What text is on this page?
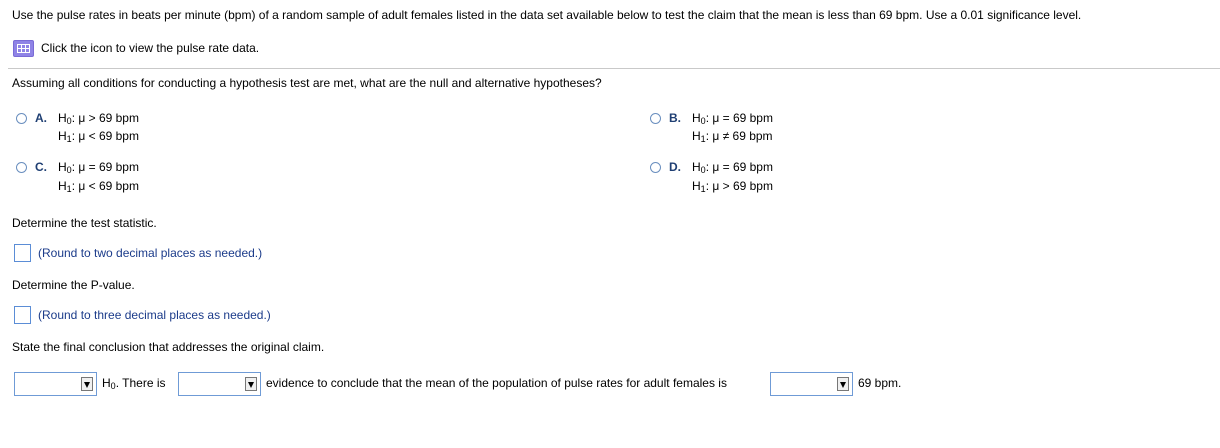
Use the pulse rates in beats per minute (bpm) of a random sample of adult females listed in the data set available below to test the claim that the mean is less than 69 bpm. Use a 0.01 significance level.
Click the icon to view the pulse rate data.
Assuming all conditions for conducting a hypothesis test are met, what are the null and alternative hypotheses?
A. $H_0$: μ > 69 bpm
$H_1$: μ < 69 bpm
B. $H_0$: μ = 69 bpm
$H_1$: μ ≠ 69 bpm
C. $H_0$: μ = 69 bpm
$H_1$: μ < 69 bpm
D. $H_0$: μ = 69 bpm
$H_1$: μ > 69 bpm
Determine the test statistic.
(Round to two decimal places as needed.)
Determine the P-value.
(Round to three decimal places as needed.)
State the final conclusion that addresses the original claim.
$H_0$. There is	evidence to conclude that the mean of the population of pulse rates for adult females is	69 bpm.
